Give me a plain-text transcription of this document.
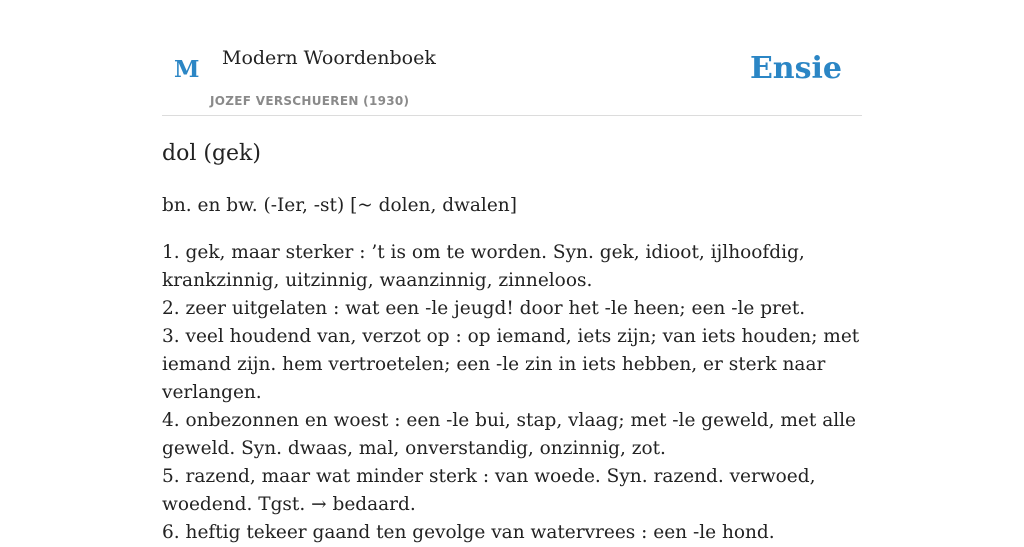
M Modern Woordenboek
JOZEF VERSCHUEREN (1930)
Ensie
dol (gek)
bn. en bw. (-Ier, -st) [~ dolen, dwalen]
1. gek, maar sterker : ’t is om te worden. Syn. gek, idioot, ijlhoofdig, krankzinnig, uitzinnig, waanzinnig, zinneloos.
2. zeer uitgelaten : wat een -le jeugd! door het -le heen; een -le pret.
3. veel houdend van, verzot op : op iemand, iets zijn; van iets houden; met iemand zijn. hem vertroetelen; een -le zin in iets hebben, er sterk naar verlangen.
4. onbezonnen en woest : een -le bui, stap, vlaag; met -le geweld, met alle geweld. Syn. dwaas, mal, onverstandig, onzinnig, zot.
5. razend, maar wat minder sterk : van woede. Syn. razend. verwoed, woedend. Tgst. → bedaard.
6. heftig tekeer gaand ten gevolge van watervrees : een -le hond.
